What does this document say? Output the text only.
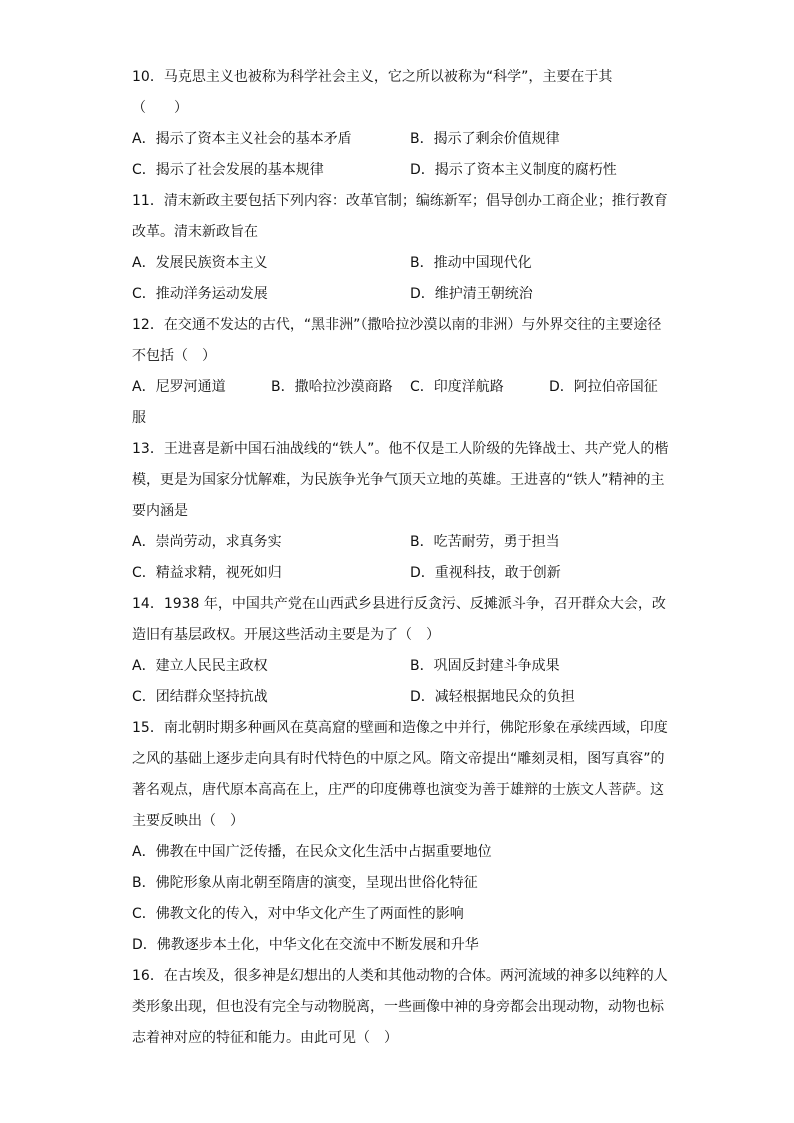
10．马克思主义也被称为科学社会主义，它之所以被称为“科学”，主要在于其
（　　）
A．揭示了资本主义社会的基本矛盾	B．揭示了剩余价值规律
C．揭示了社会发展的基本规律	D．揭示了资本主义制度的腐朽性
11．清末新政主要包括下列内容：改革官制；编练新军；倡导创办工商企业；推行教育
改革。清末新政旨在
A．发展民族资本主义	B．推动中国现代化
C．推动洋务运动发展	D．维护清王朝统治
12．在交通不发达的古代，“黑非洲”（撒哈拉沙漠以南的非洲）与外界交往的主要途径
不包括（　）
A．尼罗河通道	B．撒哈拉沙漠商路	C．印度洋航路	D．阿拉伯帝国征
服
13．王进喜是新中国石油战线的“铁人”。他不仅是工人阶级的先锋战士、共产党人的楷
模，更是为国家分忧解难，为民族争光争气顶天立地的英雄。王进喜的“铁人”精神的主
要内涵是
A．崇尚劳动，求真务实	B．吃苦耐劳，勇于担当
C．精益求精，视死如归	D．重视科技，敢于创新
14．1938 年，中国共产党在山西武乡县进行反贪污、反摊派斗争，召开群众大会，改
造旧有基层政权。开展这些活动主要是为了（　）
A．建立人民民主政权	B．巩固反封建斗争成果
C．团结群众坚持抗战	D．减轻根据地民众的负担
15．南北朝时期多种画风在莫高窟的壁画和造像之中并行，佛陀形象在承续西域，印度
之风的基础上逐步走向具有时代特色的中原之风。隋文帝提出“雕刻灵相，图写真容”的
著名观点，唐代原本高高在上，庄严的印度佛尊也演变为善于雄辩的士族文人菩萨。这
主要反映出（　）
A．佛教在中国广泛传播，在民众文化生活中占据重要地位
B．佛陀形象从南北朝至隋唐的演变，呈现出世俗化特征
C．佛教文化的传入，对中华文化产生了两面性的影响
D．佛教逐步本土化，中华文化在交流中不断发展和升华
16．在古埃及，很多神是幻想出的人类和其他动物的合体。两河流域的神多以纯粹的人
类形象出现，但也没有完全与动物脱离，一些画像中神的身旁都会出现动物，动物也标
志着神对应的特征和能力。由此可见（　）
